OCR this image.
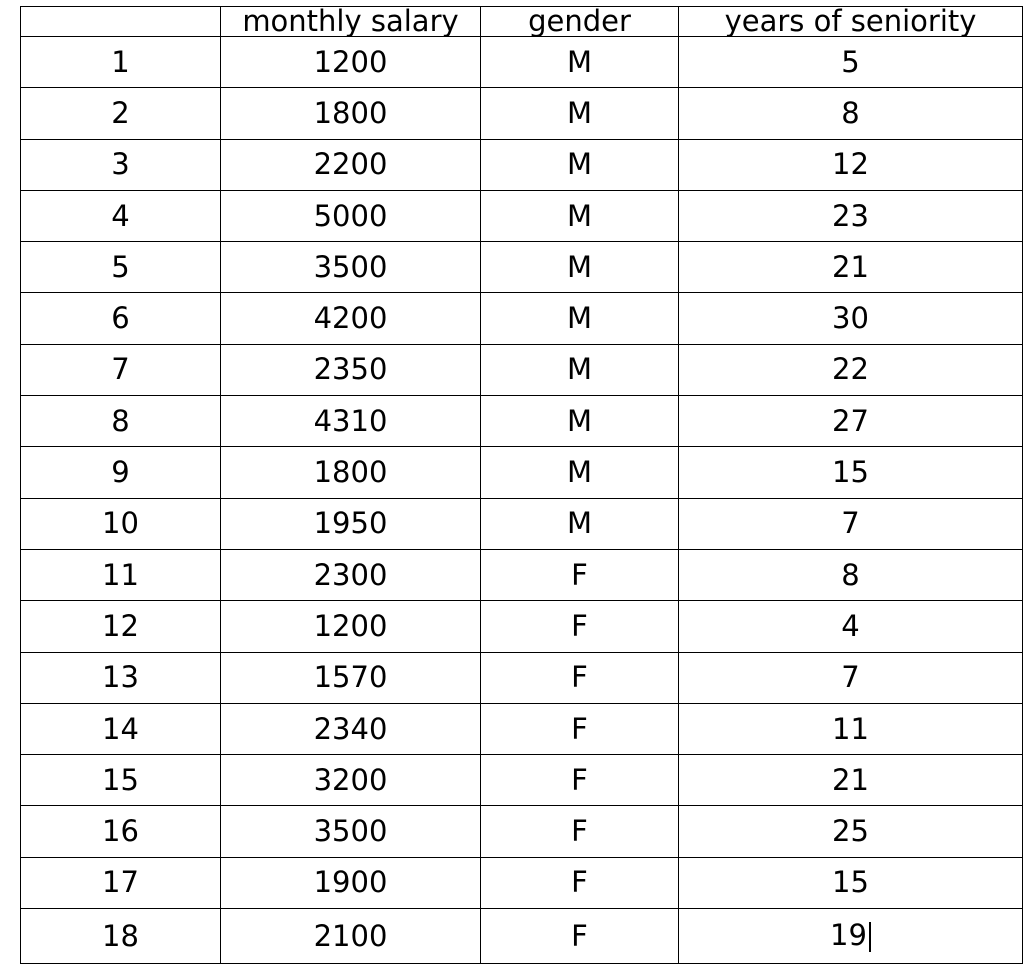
	monthly salary	gender	years of seniority
1	1200	M	5
2	1800	M	8
3	2200	M	12
4	5000	M	23
5	3500	M	21
6	4200	M	30
7	2350	M	22
8	4310	M	27
9	1800	M	15
10	1950	M	7
11	2300	F	8
12	1200	F	4
13	1570	F	7
14	2340	F	11
15	3200	F	21
16	3500	F	25
17	1900	F	15
18	2100	F	19
